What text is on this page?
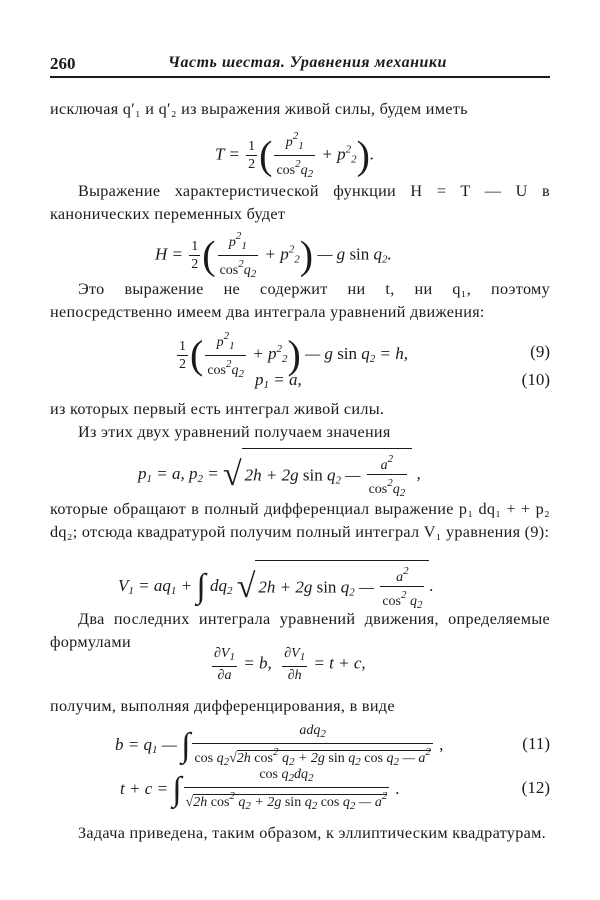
260	Часть шестая. Уравнения механики

исключая q′₁ и q′₂ из выражения живой силы, будем иметь

$T = \frac{1}{2}$ ( $\frac{p^2_1}{\cos^2q_2} + p^2_2$).

Выражение характеристической функции H = T — U в канонических переменных будет

$H = \frac{1}{2}$ ( $\frac{p^2_1}{\cos^2q_2} + p^2_2$) — g $\sin q_2$.

Это выражение не содержит ни t, ни q₁, поэтому непосредственно имеем два интеграла уравнений движения:

$\frac{1}{2}$ ( $\frac{p^2_1}{\cos^2q_2} + p^2_2$) — g $\sin q_2 = h$,	(9)
$p_1 = a$,	(10)

из которых первый есть интеграл живой силы.

Из этих двух уравнений получаем значения

$p_1 = a$, $p_2$ = √ 2h + 2g $\sin q_2$ — $\frac{a^2}{\cos^2q_2}$ ,

которые обращают в полный дифференциал выражение p₁ dq₁ + + p₂ dq₂; отсюда квадратурой получим полный интеграл V₁ уравнения (9):

$V_1 = aq_1$ + ∫ $dq_2$ √ 2h + 2g $\sin q_2$ — $\frac{a^2}{\cos^2 q_2}$ .

Два последних интеграла уравнений движения, определяемые формулами

$\frac{\partial V_1}{\partial a} = b$, $\frac{\partial V_1}{\partial h} = t + c$,

получим, выполняя дифференцирования, в виде

$b = q_1$ — ∫ $\frac{adq_2}{\cos q_2√2h \cos^2 q_2 + 2g \sin q_2 \cos q_2 — a^2}$ ,	(11)
t + c = ∫ $\frac{\cos q_2dq_2}{√2h \cos^2 q_2 + 2g \sin q_2 \cos q_2 — a^2}$ .	(12)

Задача приведена, таким образом, к эллиптическим квадратурам.
